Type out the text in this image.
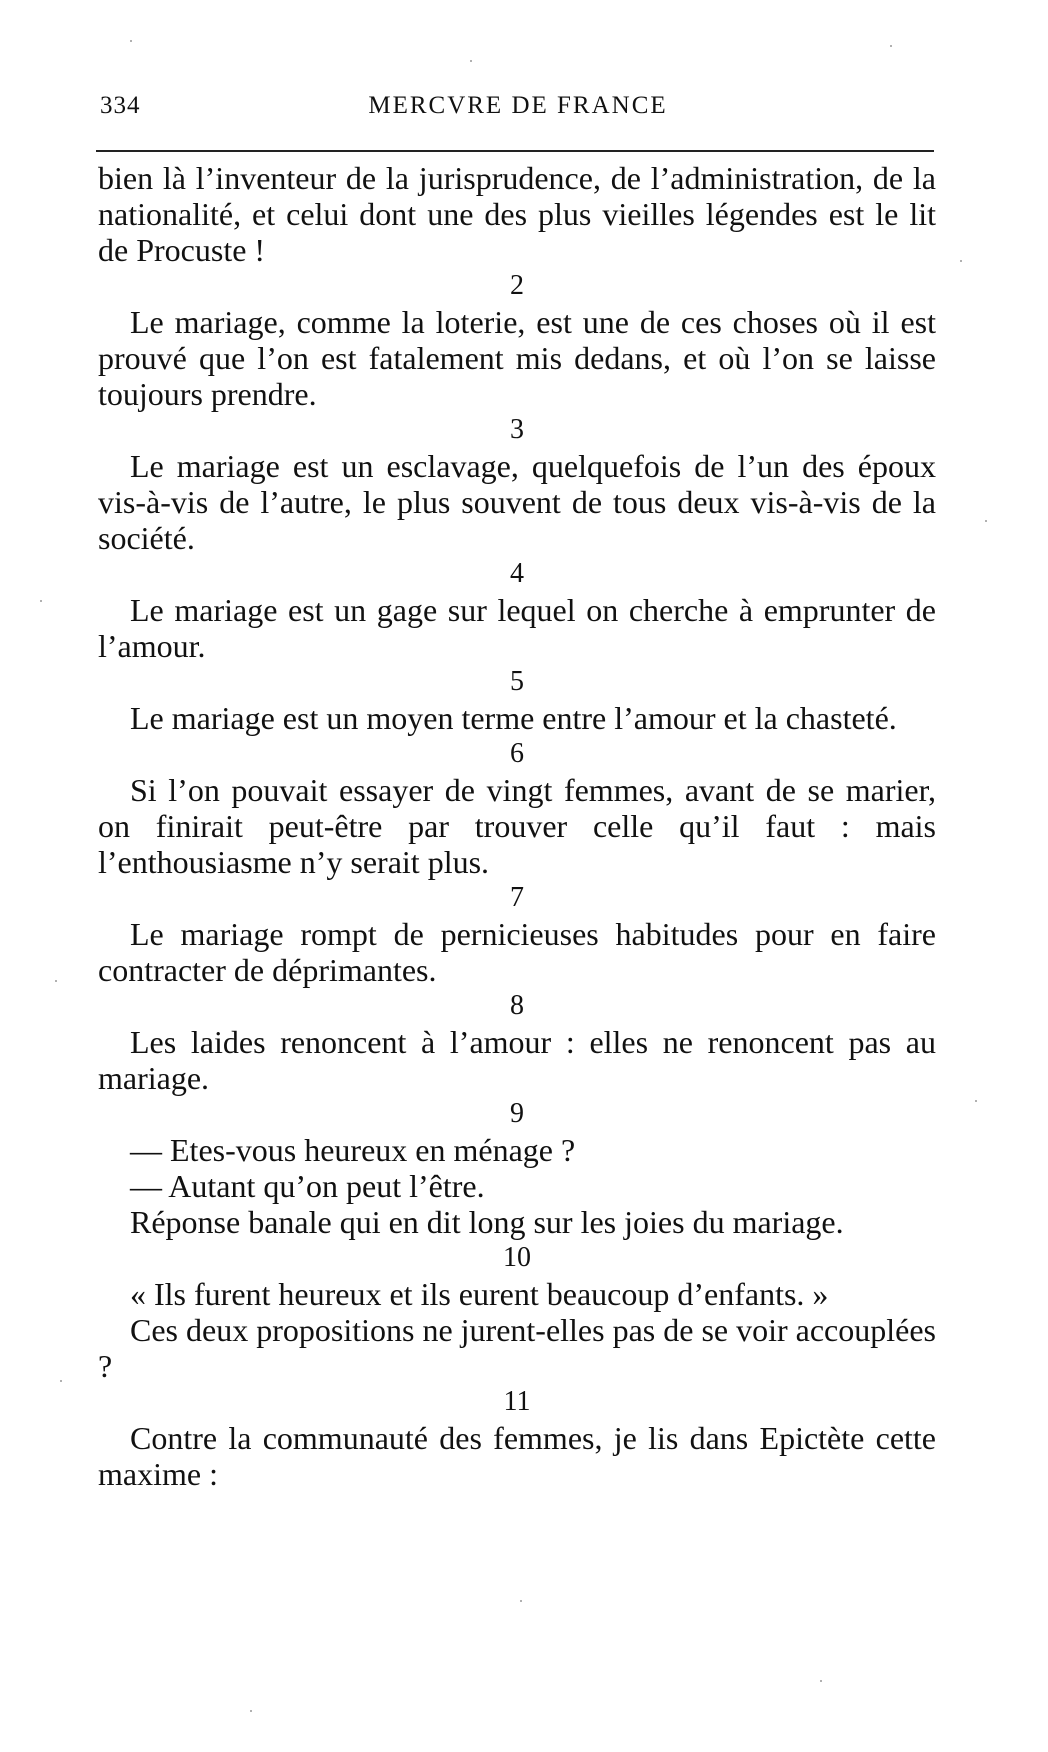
334	MERCVRE DE FRANCE

bien là l’inventeur de la jurisprudence, de l’administration, de la nationalité, et celui dont une des plus vieilles légendes est le lit de Procuste !

2

Le mariage, comme la loterie, est une de ces choses où il est prouvé que l’on est fatalement mis dedans, et où l’on se laisse toujours prendre.

3

Le mariage est un esclavage, quelquefois de l’un des époux vis-à-vis de l’autre, le plus souvent de tous deux vis-à-vis de la société.

4

Le mariage est un gage sur lequel on cherche à emprunter de l’amour.

5

Le mariage est un moyen terme entre l’amour et la chasteté.

6

Si l’on pouvait essayer de vingt femmes, avant de se marier, on finirait peut-être par trouver celle qu’il faut : mais l’enthousiasme n’y serait plus.

7

Le mariage rompt de pernicieuses habitudes pour en faire contracter de déprimantes.

8

Les laides renoncent à l’amour : elles ne renoncent pas au mariage.

9

— Etes-vous heureux en ménage ?

— Autant qu’on peut l’être.

Réponse banale qui en dit long sur les joies du mariage.

10

« Ils furent heureux et ils eurent beaucoup d’enfants. »

Ces deux propositions ne jurent-elles pas de se voir accouplées ?

11

Contre la communauté des femmes, je lis dans Epictète cette maxime :
